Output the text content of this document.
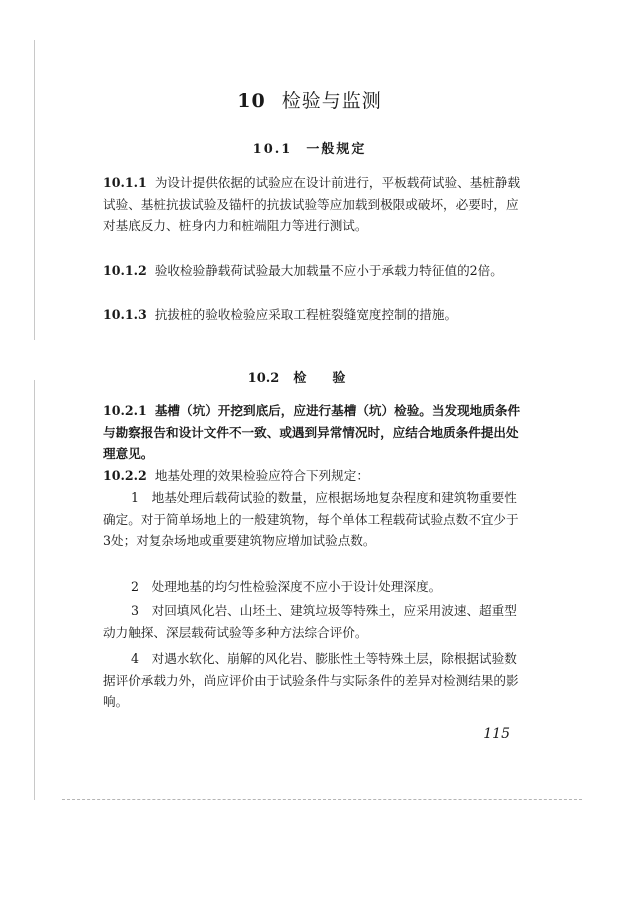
10 检验与监测
10.1 一般规定
10.1.1 为设计提供依据的试验应在设计前进行，平板载荷试验、基桩静载试验、基桩抗拔试验及锚杆的抗拔试验等应加载到极限或破坏，必要时，应对基底反力、桩身内力和桩端阻力等进行测试。
10.1.2 验收检验静载荷试验最大加载量不应小于承载力特征值的2倍。
10.1.3 抗拔桩的验收检验应采取工程桩裂缝宽度控制的措施。
10.2 检验
10.2.1 基槽（坑）开挖到底后，应进行基槽（坑）检验。当发现地质条件与勘察报告和设计文件不一致、或遇到异常情况时，应结合地质条件提出处理意见。
10.2.2 地基处理的效果检验应符合下列规定：
1　 地基处理后载荷试验的数量，应根据场地复杂程度和建筑物重要性确定。对于简单场地上的一般建筑物，每个单体工程载荷试验点数不宜少于3处；对复杂场地或重要建筑物应增加试验点数。
2　 处理地基的均匀性检验深度不应小于设计处理深度。
3　 对回填风化岩、山坯土、建筑垃圾等特殊土，应采用波速、超重型动力触探、深层载荷试验等多种方法综合评价。
4　 对遇水软化、崩解的风化岩、膨胀性土等特殊土层，除根据试验数据评价承载力外，尚应评价由于试验条件与实际条件的差异对检测结果的影响。
115
